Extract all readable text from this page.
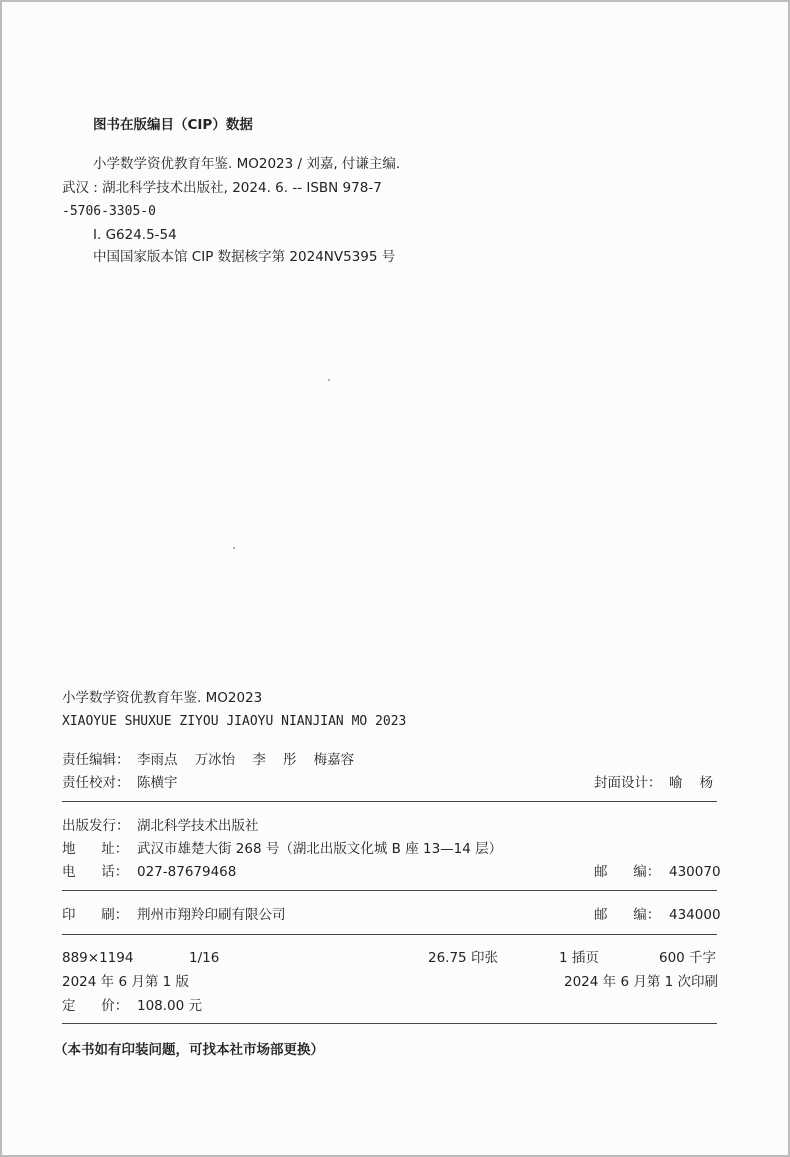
图书在版编目（CIP）数据
小学数学资优教育年鉴. MO2023 / 刘嘉, 付谦主编.
武汉 : 湖北科学技术出版社, 2024. 6. -- ISBN 978-7
-5706-3305-0
Ⅰ. G624.5-54
中国国家版本馆 CIP 数据核字第 2024NV5395 号
小学数学资优教育年鉴. MO2023
XIAOYUE SHUXUE ZIYOU JIAOYU NIANJIAN MO 2023
责任编辑： 李雨点    万冰怡    李    彤    梅嘉容
责任校对： 陈横宇	封面设计： 喻    杨
出版发行： 湖北科学技术出版社
地      址： 武汉市雄楚大街 268 号（湖北出版文化城 B 座 13—14 层）
电      话： 027-87679468	邮      编： 430070
印      刷： 荆州市翔羚印刷有限公司	邮      编： 434000
889×1194	1/16	26.75 印张	1 插页	600 千字
2024 年 6 月第 1 版	2024 年 6 月第 1 次印刷
定      价： 108.00 元
（本书如有印装问题，可找本社市场部更换）
